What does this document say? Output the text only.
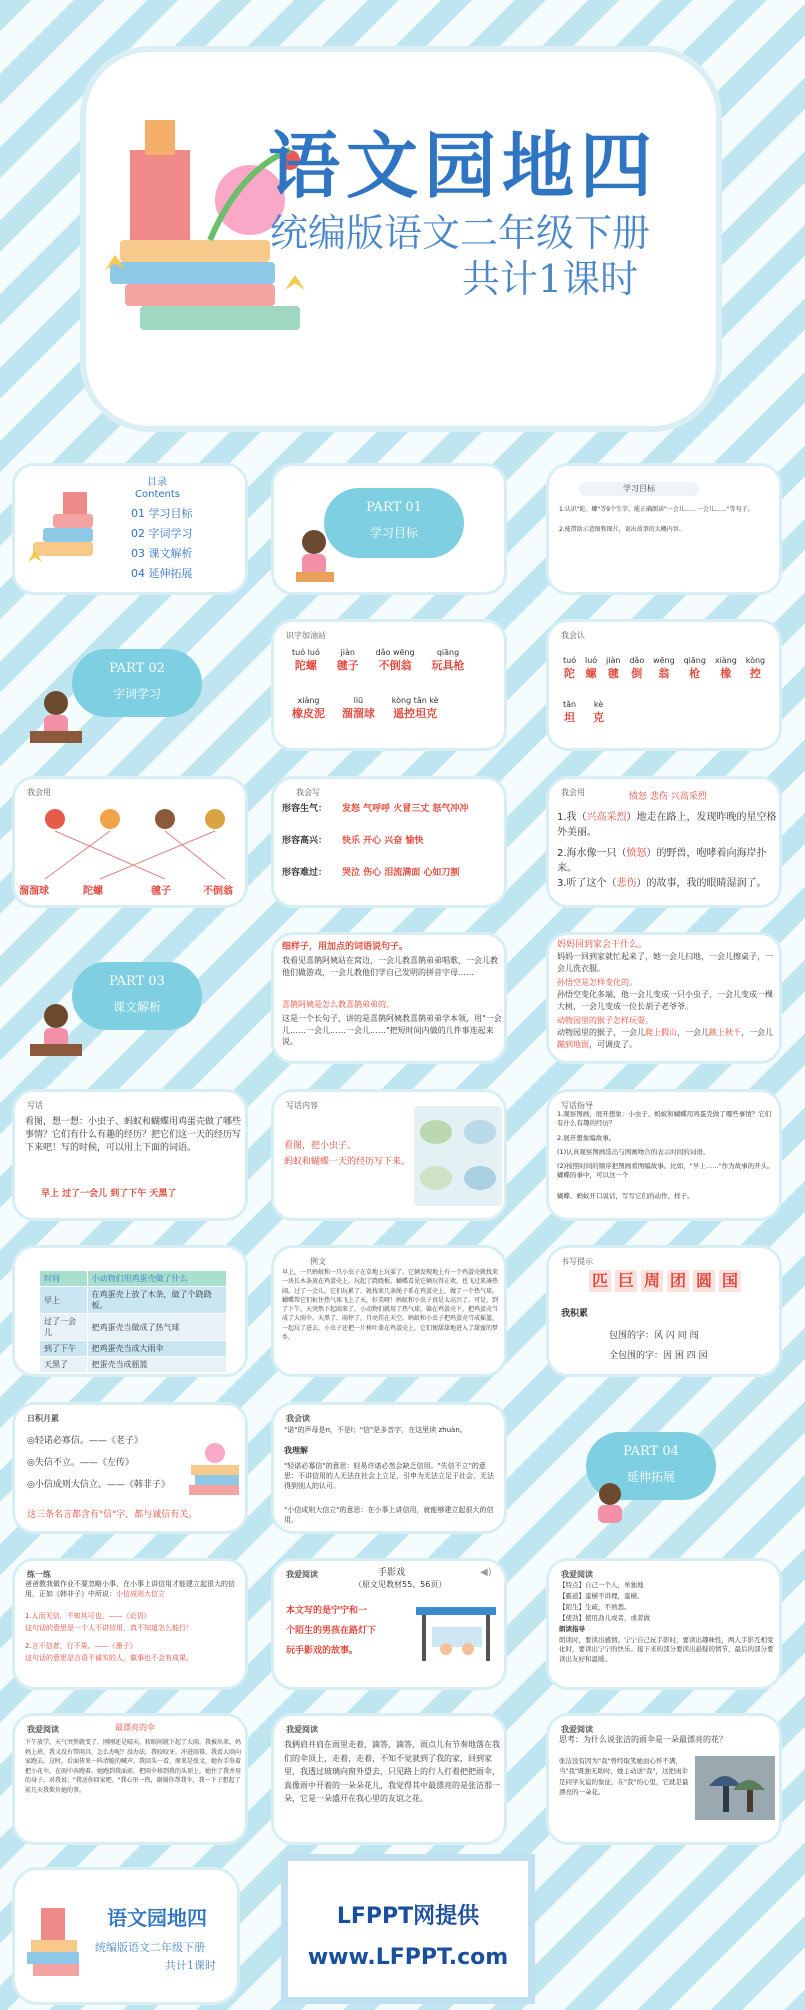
语文园地四
统编版语文二年级下册
共计1课时
目录
Contents
01 学习目标
02 字词学习
03 课文解析
04 延伸拓展
PART 01
学习目标
学习目标
1.认识"陀、螺"等9个生字，能正确朗读"一会儿……一会儿……"等句子。
2.能借助示意图和图片，说出故事的大概内容。
PART 02
字词学习
识字加油站
tuó luó
陀螺

jiàn
毽子

dǎo wēng
不倒翁

qiāng
玩具枪
xiàng
橡皮泥

liū
溜溜球

kòng tǎn kè
遥控坦克
我会认
tuó
陀

luó
螺

jiàn
毽

dǎo
倒

wēng
翁

qiāng
枪

xiàng
橡

kòng
控
tǎn
坦

kè
克
我会用
溜溜球	陀螺	毽子	不倒翁
我会写
形容生气： 发怒 气呼呼 火冒三丈 怒气冲冲
形容高兴： 快乐 开心 兴奋 愉快
形容难过： 哭泣 伤心 泪流满面 心如刀割
我会用	愤怒 悲伤 兴高采烈
1.我（兴高采烈）地走在路上，发现昨晚的星空格外美丽。
2.海水像一只（愤怒）的野兽，咆哮着向海岸扑来。
3.听了这个（悲伤）的故事，我的眼睛湿润了。
PART 03
课文解析
细样子，用加点的词语说句子。
我看见喜鹊阿姨站在窝边，一会儿教喜鹊弟弟唱歌，一会儿教他们做游戏，一会儿教他们学自己发明的拼音字母……
喜鹊阿姨是怎么教喜鹊弟弟的。
这是一个长句子，讲的是喜鹊阿姨教喜鹊弟弟学本领，用"一会儿……一会儿……一会儿……"把短时间内做的几件事连起来说。
妈妈回到家会干什么。
妈妈一回到家就忙起来了，她一会儿扫地，一会儿擦桌子，一会儿洗衣服。
孙悟空是怎样变化的。
孙悟空变化多端，他一会儿变成一只小虫子，一会儿变成一棵大树，一会儿变成一位长胡子老爷爷。
动物园里的猴子怎样玩耍。
动物园里的猴子，一会儿爬上假山，一会儿跳上秋千，一会儿蹦到地面，可调皮了。
写话
看图，想一想：小虫子、蚂蚁和蝴蝶用鸡蛋壳做了哪些事情？它们有什么有趣的经历？把它们这一天的经历写下来吧！写的时候，可以用上下面的词语。
早上 过了一会儿 到了下午 天黑了
写话内容
看图，把小虫子、
蚂蚁和蝴蝶一天的经历写下来。
写话指导
1.观察图画，展开想象：小虫子、蚂蚁和蝴蝶用鸡蛋壳做了哪些事情？它们有什么有趣的经历？
2.展开想象编故事。
(1)认真观察图画选出与图画吻合的表示时间的词语。
(2)按照时间的顺序把图画看图编故事。比如，"早上……"作为故事的开头。蝴蝶的事中，可以这一个
蝴蝶、蚂蚁开口说话，写写它们的动作、样子。
时间	小动物们用鸡蛋壳做了什么
早上	在鸡蛋壳上放了木条，做了个跷跷板。
过了一会儿	把鸡蛋壳当做成了热气球
到了下午	把鸡蛋壳当成大雨伞
天黑了	把蛋壳当成摇篮
例文
早上，一只蚂蚁和一只小虫子在草地上玩耍了。它俩发现地上有一个鸡蛋壳就找来一块长木条放在鸡蛋壳上，玩起了跷跷板。蝴蝶看见它俩玩得正欢，也飞过来凑热闹。过了一会儿，它们玩累了，就找来几条绳子系在鸡蛋壳上，做了一个热气球。蝴蝶帮它们扯住热气球飞上了天，好美呀！蚂蚁和小虫子真是太高兴了。可是，到了下午，天突然下起雨来了，小动物们就用了热气球，躲在鸡蛋壳下，把鸡蛋壳当成了大雨伞。天黑了，雨停了，月亮挂在天空。蚂蚁和小虫子把鸡蛋壳当成摇篮，一起玩了进去。小虫子还把一片树叶盖在鸡蛋壳上，它们便甜甜地进入了甜蜜的梦乡。
书写提示
匹 巨 周 团 圆 国
我积累
包围的字：风 闪 同 闯
全包围的字：因 困 四 园
日积月累
◎轻诺必寡信。——《老子》
◎失信不立。——《左传》
◎小信成则大信立。——《韩非子》
这三条名言都含有"信"字，都与诚信有关。
我会读
"诺"的声母是n，不是l；"信"是多音字，在这里读 zhuàn。
我理解
"轻诺必寡信"的意思：轻易许诺必然会缺乏信用。"失信不立"的意思：不讲信用的人无法在社会上立足，引申为无法立足于社会，无法得到别人的认可。
"小信成则大信立"的意思：在小事上讲信用，就能够建立起很大的信用。
PART 04
延伸拓展
练一练
爸爸教我做作业不要忽略小事，在小事上讲信用才能建立起很大的信用，正如《韩非子》中所说：小信成则大信立
1.人而无信，不知其可也。——《论语》
这句话的意思是一个人不讲信用，真不知道怎么能行！
2.言不信者，行不果。——《墨子》
这句话的意思是言语不诚实的人，做事也不会有成果。
我爱阅读	手影戏
（原文见教材55、56页）
◀)
本文写的是宁宁和一
个陌生的男孩在路灯下
玩手影戏的故事。
我爱阅读
【特点】自己一个人，单独地
【霸道】蛮横不讲理，蛮横。
【陌生】生疏，不熟悉。
【使劲】使用劲儿或者，或者做
朗读指导
朗读时，要读出感情。宁宁自己玩手影时，要读出趣味性，两人手影互相变化时，要读出宁宁的快乐。接下来的部分要读出悬疑的情节，最后的部分要读出友好和温暖。
我爱阅读	最漂亮的伞
下午放学，天气突然就变了，刚刚还是晴天，转眼间就下起了大雨。我被出来，妈妈上班，我又没有带雨具，怎么办呢？没办法，我咬咬牙，冲进雨幕，我看大雨向家跑去。这时，后面传来一阵清脆的喊声。我回头一看，原来是张文，她右手举着把小花伞，在雨中奔跑着。她跑到我面前，把雨伞移到我的头顶上，她往了我并用的身子。对我说："我送你回家吧。"我心里一热，谢谢你帮我伞，我一下子想起了前几天我欺负她的事。
我爱阅读
我俩肩并肩在雨里走着，滴答，滴答，雨点儿有节奏地落在我们的伞顶上，走着，走着，不知不觉就到了我的家，回到家里，我透过玻璃向窗外望去，只见路上的行人打着把把雨伞，真像雨中开着的一朵朵花儿，我觉得其中最漂亮的是张洁那一朵，它是一朵盛开在我心里的友谊之花。
我爱阅读
思考：为什么说张洁的雨伞是一朵最漂亮的花？
张洁没有因为"我"曾经取笑她而心怀不满，当"我"既独无助时，她主动送"我"，这把雨伞是同学友谊的象征，在"我"的心里，它就是最漂亮的一朵花。
语文园地四
统编版语文二年级下册
共计1课时
LFPPT网提供
www.LFPPT.com
